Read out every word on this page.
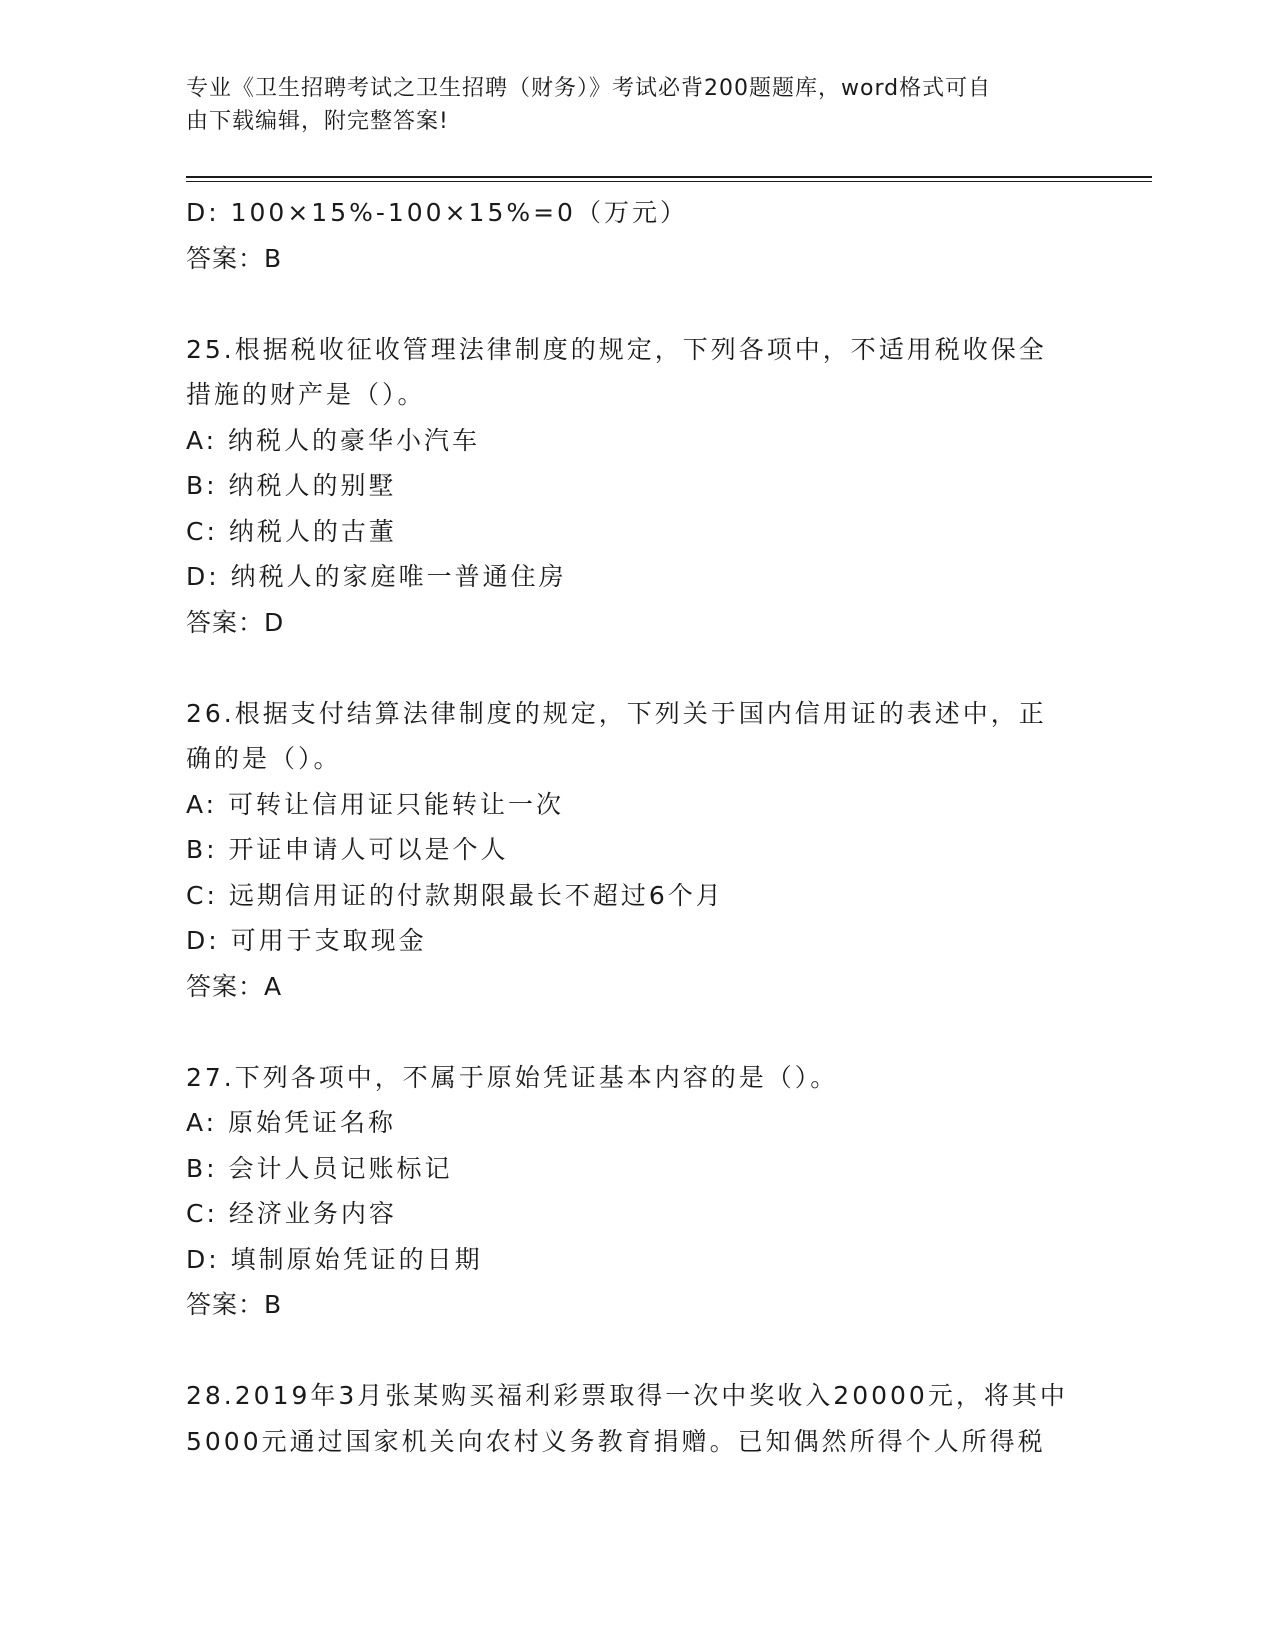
专业《卫生招聘考试之卫生招聘（财务）》考试必背200题题库，word格式可自
由下载编辑，附完整答案!
D: 100×15%-100×15%=0（万元）
答案：B
25.根据税收征收管理法律制度的规定，下列各项中，不适用税收保全
措施的财产是（）。
A: 纳税人的豪华小汽车
B: 纳税人的别墅
C: 纳税人的古董
D: 纳税人的家庭唯一普通住房
答案：D
26.根据支付结算法律制度的规定，下列关于国内信用证的表述中，正
确的是（）。
A: 可转让信用证只能转让一次
B: 开证申请人可以是个人
C: 远期信用证的付款期限最长不超过6个月
D: 可用于支取现金
答案：A
27.下列各项中，不属于原始凭证基本内容的是（）。
A: 原始凭证名称
B: 会计人员记账标记
C: 经济业务内容
D: 填制原始凭证的日期
答案：B
28.2019年3月张某购买福利彩票取得一次中奖收入20000元，将其中
5000元通过国家机关向农村义务教育捐赠。已知偶然所得个人所得税
